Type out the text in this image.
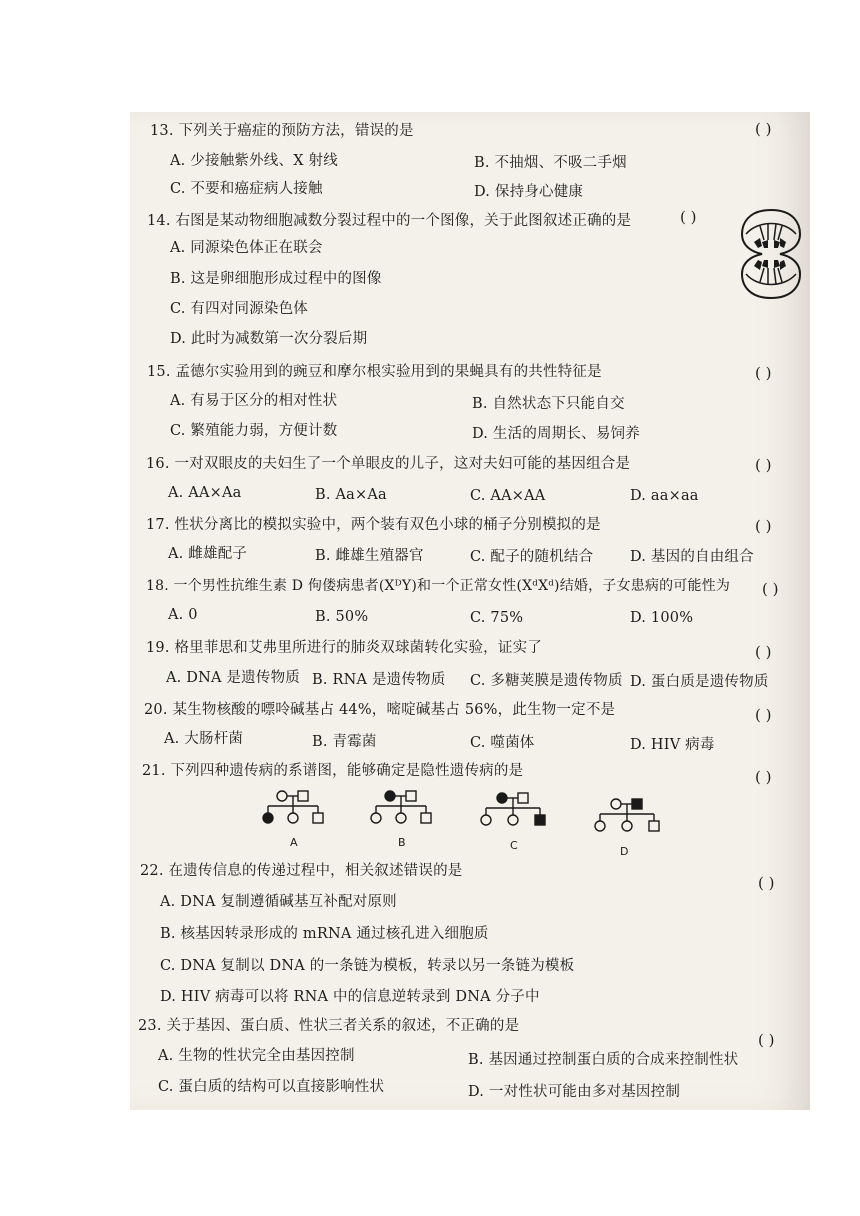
13. 下列关于癌症的预防方法，错误的是	( )
A. 少接触紫外线、X 射线	B. 不抽烟、不吸二手烟
C. 不要和癌症病人接触	D. 保持身心健康
14. 右图是某动物细胞减数分裂过程中的一个图像，关于此图叙述正确的是	( )
A. 同源染色体正在联会
B. 这是卵细胞形成过程中的图像
C. 有四对同源染色体
D. 此时为减数第一次分裂后期
15. 孟德尔实验用到的豌豆和摩尔根实验用到的果蝇具有的共性特征是	( )
A. 有易于区分的相对性状	B. 自然状态下只能自交
C. 繁殖能力弱，方便计数	D. 生活的周期长、易饲养
16. 一对双眼皮的夫妇生了一个单眼皮的儿子，这对夫妇可能的基因组合是	( )
A. AA×Aa	B. Aa×Aa	C. AA×AA	D. aa×aa
17. 性状分离比的模拟实验中，两个装有双色小球的桶子分别模拟的是	( )
A. 雌雄配子	B. 雌雄生殖器官	C. 配子的随机结合	D. 基因的自由组合
18. 一个男性抗维生素 D 佝偻病患者(XᴰY)和一个正常女性(XᵈXᵈ)结婚，子女患病的可能性为 ( )
A. 0	B. 50%	C. 75%	D. 100%
19. 格里菲思和艾弗里所进行的肺炎双球菌转化实验，证实了	( )
A. DNA 是遗传物质 B. RNA 是遗传物质 C. 多糖荚膜是遗传物质 D. 蛋白质是遗传物质
20. 某生物核酸的嘌呤碱基占 44%，嘧啶碱基占 56%，此生物一定不是	( )
A. 大肠杆菌	B. 青霉菌	C. 噬菌体	D. HIV 病毒
21. 下列四种遗传病的系谱图，能够确定是隐性遗传病的是	( )
A	B	C	D
22. 在遗传信息的传递过程中，相关叙述错误的是
( )
A. DNA 复制遵循碱基互补配对原则
B. 核基因转录形成的 mRNA 通过核孔进入细胞质
C. DNA 复制以 DNA 的一条链为模板，转录以另一条链为模板
D. HIV 病毒可以将 RNA 中的信息逆转录到 DNA 分子中
23. 关于基因、蛋白质、性状三者关系的叙述，不正确的是
( )
A. 生物的性状完全由基因控制	B. 基因通过控制蛋白质的合成来控制性状
C. 蛋白质的结构可以直接影响性状	D. 一对性状可能由多对基因控制
